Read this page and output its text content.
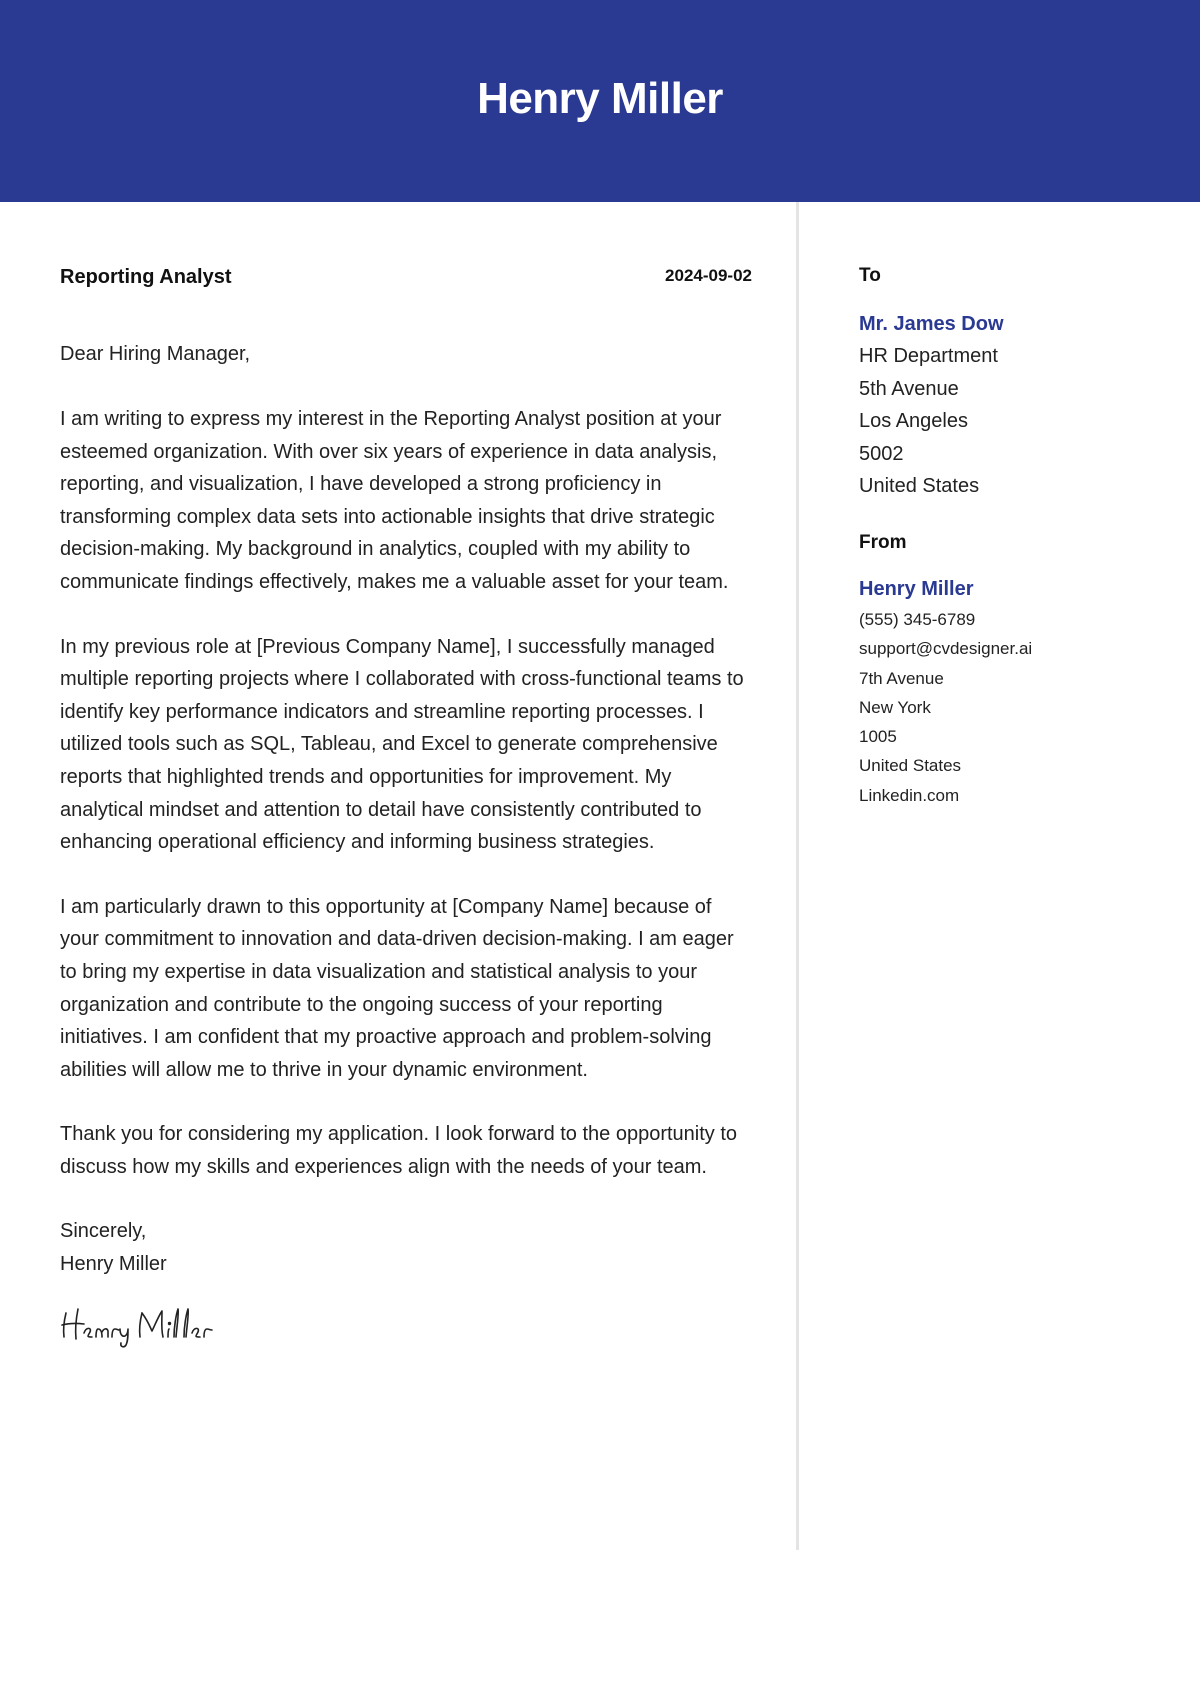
Henry Miller
Reporting Analyst	2024-09-02
Dear Hiring Manager,
I am writing to express my interest in the Reporting Analyst position at your esteemed organization. With over six years of experience in data analysis, reporting, and visualization, I have developed a strong proficiency in transforming complex data sets into actionable insights that drive strategic decision-making. My background in analytics, coupled with my ability to communicate findings effectively, makes me a valuable asset for your team.
In my previous role at [Previous Company Name], I successfully managed multiple reporting projects where I collaborated with cross-functional teams to identify key performance indicators and streamline reporting processes. I utilized tools such as SQL, Tableau, and Excel to generate comprehensive reports that highlighted trends and opportunities for improvement. My analytical mindset and attention to detail have consistently contributed to enhancing operational efficiency and informing business strategies.
I am particularly drawn to this opportunity at [Company Name] because of your commitment to innovation and data-driven decision-making. I am eager to bring my expertise in data visualization and statistical analysis to your organization and contribute to the ongoing success of your reporting initiatives. I am confident that my proactive approach and problem-solving abilities will allow me to thrive in your dynamic environment.
Thank you for considering my application. I look forward to the opportunity to discuss how my skills and experiences align with the needs of your team.
Sincerely,
Henry Miller
To
Mr. James Dow
HR Department
5th Avenue
Los Angeles
5002
United States
From
Henry Miller
(555) 345-6789
support@cvdesigner.ai
7th Avenue
New York
1005
United States
Linkedin.com
